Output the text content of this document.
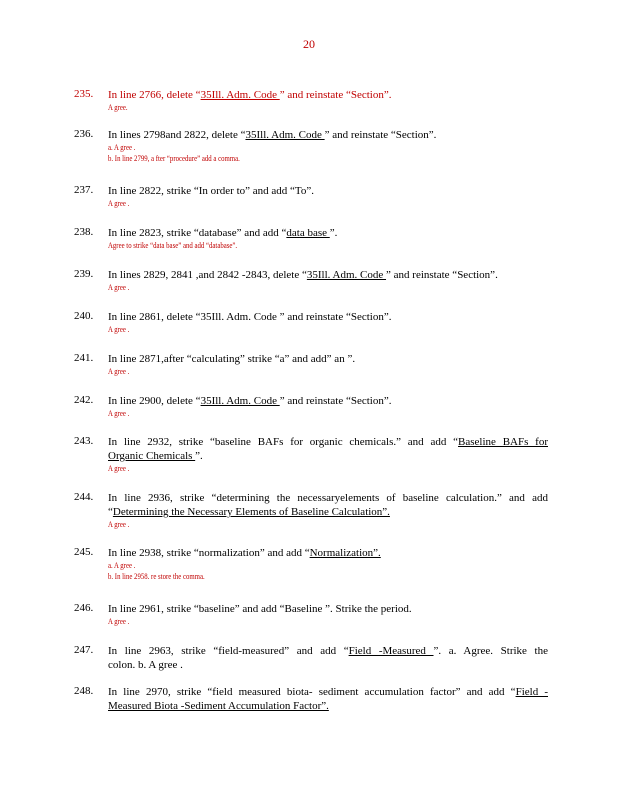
20
235. In line 2766, delete “35Ill. Adm. Code ” and reinstate “Section”.
A gree.
236. In lines 2798and 2822, delete “35Ill. Adm. Code ” and reinstate “Section”.
a. A gree .
b. In line 2799, a fter “procedure” add a comma.
237. In line 2822, strike “In order to” and add “To”.
A gree .
238. In line 2823, strike “database” and add “data base ”.
Agree to strike “data base” and add “database”.
239. In lines 2829, 2841 ,and 2842 -2843, delete “35Ill. Adm. Code ” and reinstate “Section”.
A gree .
240. In line 2861, delete “35Ill. Adm. Code ” and reinstate “Section”.
A gree .
241. In line 2871,after “calculating” strike “a” and add” an ”.
A gree .
242. In line 2900, delete “35Ill. Adm. Code ” and reinstate “Section”.
A gree .
243. In line 2932, strike “baseline BAFs for organic chemicals.” and add “Baseline BAFs for
Organic Chemicals ”.
A gree .
244. In line 2936, strike “determining the necessaryelements of baseline calculation.” and add
“Determining the Necessary Elements of Baseline Calculation”.
A gree .
245. In line 2938, strike “normalization” and add “Normalization”.
a. A gree .
b. In line 2958. re store the comma.
246. In line 2961, strike “baseline” and add “Baseline ”. Strike the period.
A gree .
247. In line 2963, strike “field-measured” and add “Field -Measured ”. a. Agree. Strike the
colon. b. A gree .
248. In line 2970, strike “field measured biota- sediment accumulation factor” and add “Field -
Measured Biota -Sediment Accumulation Factor”.
